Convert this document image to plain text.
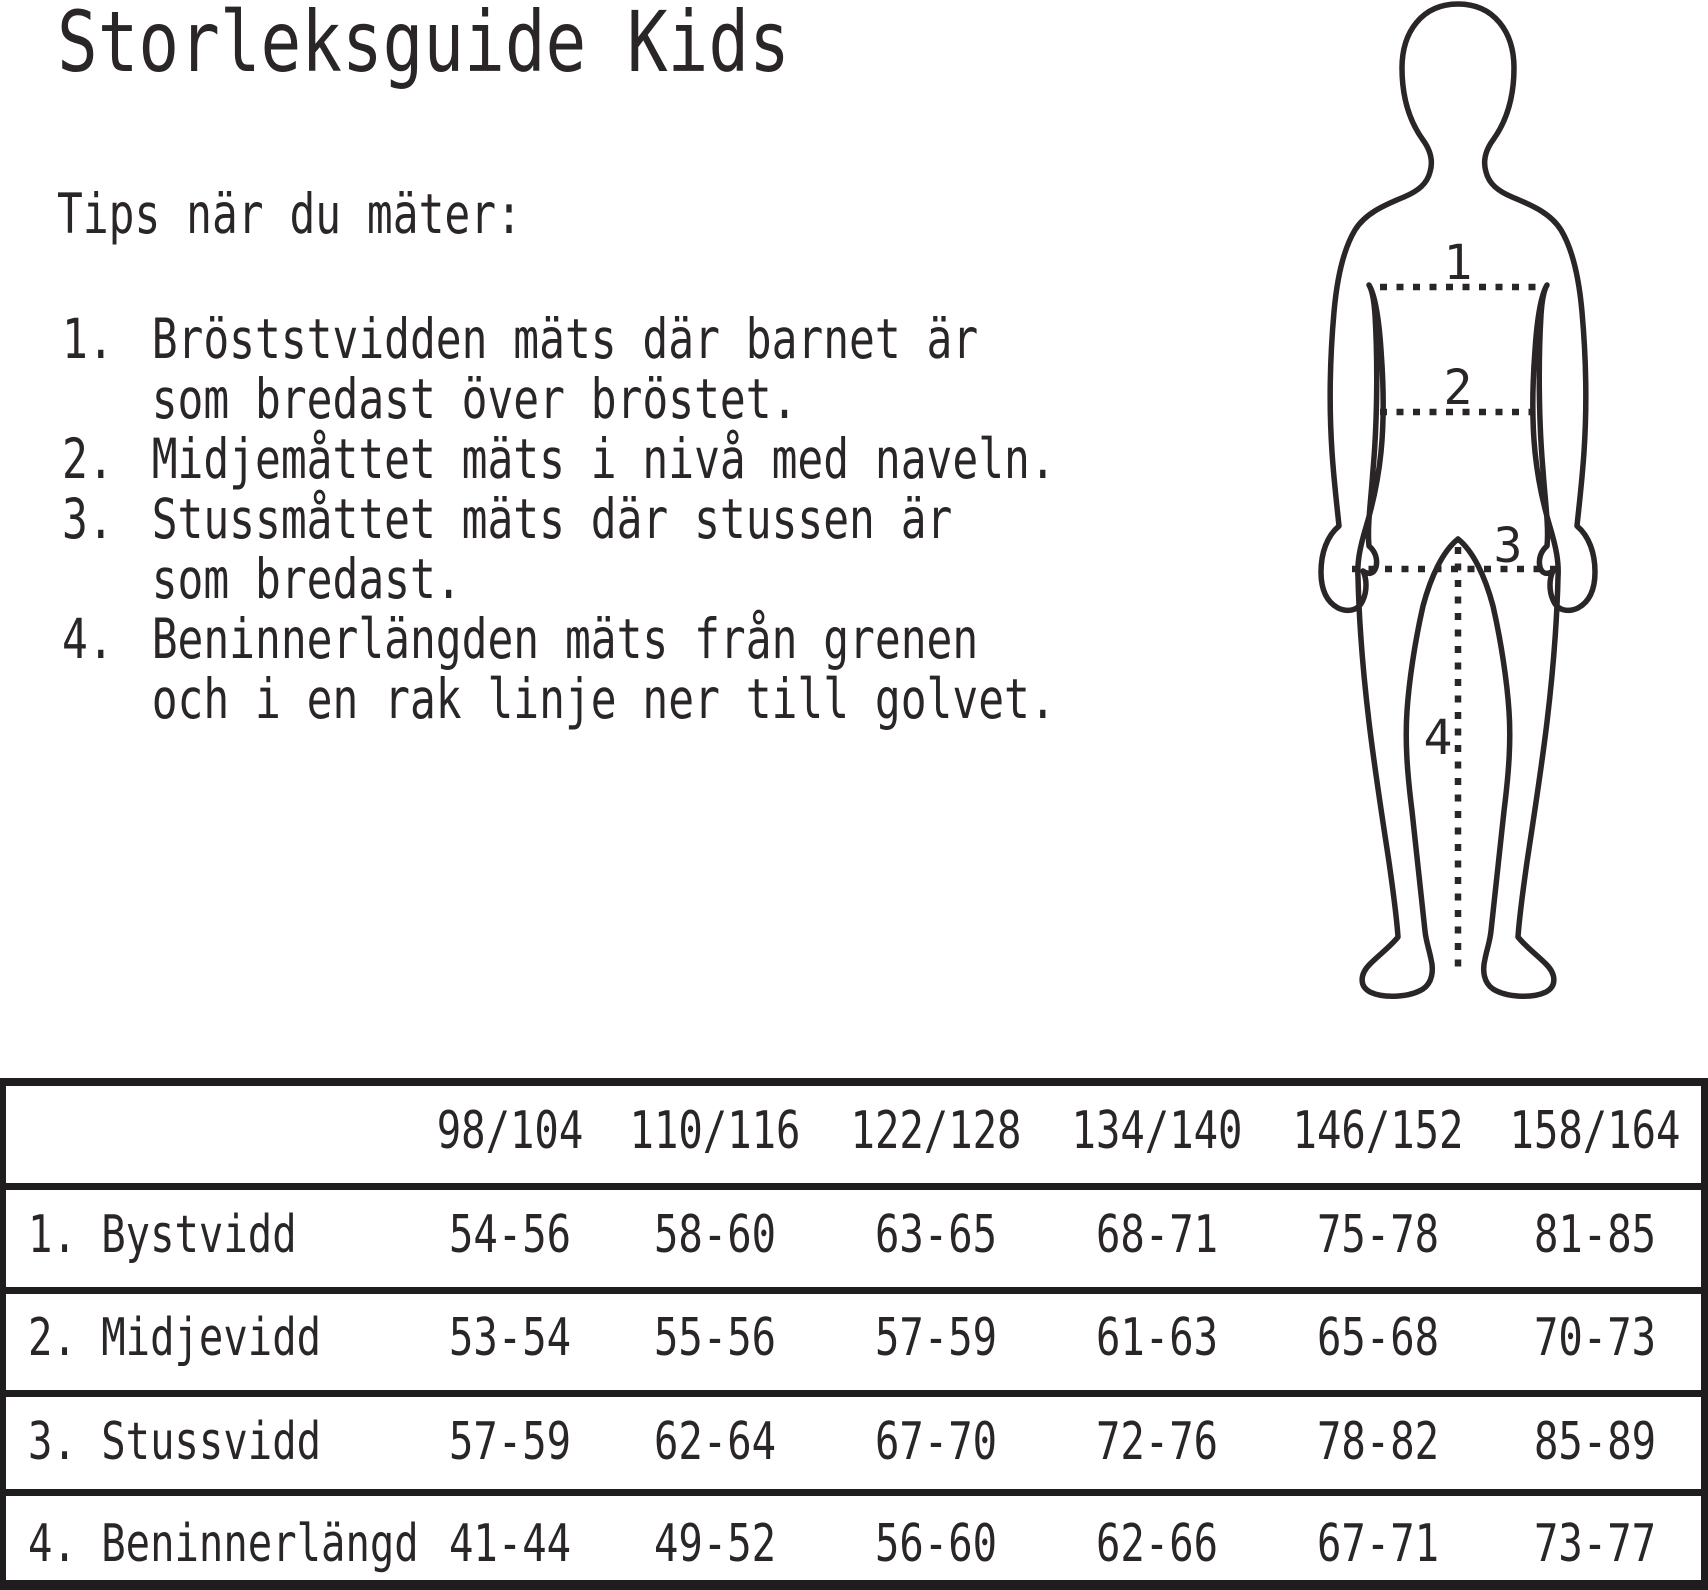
Storleksguide Kids
Tips när du mäter:
1. Bröststvidden mäts där barnet är
som bredast över bröstet.
2. Midjemåttet mäts i nivå med naveln.
3. Stussmåttet mäts där stussen är
som bredast.
4. Beninnerlängden mäts från grenen
och i en rak linje ner till golvet.
1
2
3
4
98/104 110/116 122/128 134/140 146/152 158/164
1. Bystvidd	54-56 58-60 63-65 68-71 75-78 81-85
2. Midjevidd 53-54 55-56 57-59 61-63 65-68 70-73
3. Stussvidd 57-59 62-64 67-70 72-76 78-82 85-89
4. Beninnerlängd 41-44 49-52 56-60 62-66 67-71 73-77
